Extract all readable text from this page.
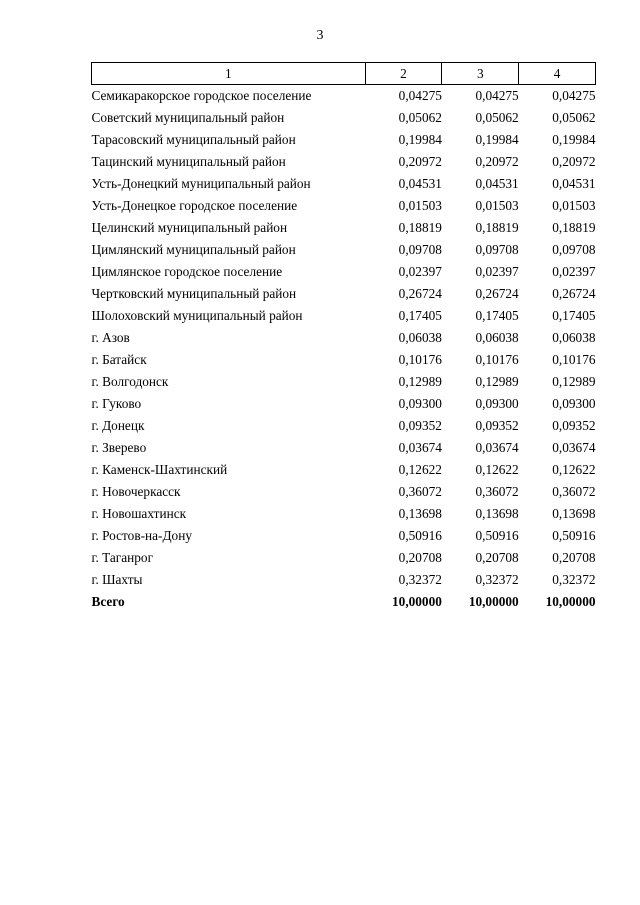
3
1	2	3	4
Семикаракорское городское поселение	0,04275	0,04275	0,04275
Советский муниципальный район	0,05062	0,05062	0,05062
Тарасовский муниципальный район	0,19984	0,19984	0,19984
Тацинский муниципальный район	0,20972	0,20972	0,20972
Усть-Донецкий муниципальный район	0,04531	0,04531	0,04531
Усть-Донецкое городское поселение	0,01503	0,01503	0,01503
Целинский муниципальный район	0,18819	0,18819	0,18819
Цимлянский муниципальный район	0,09708	0,09708	0,09708
Цимлянское городское поселение	0,02397	0,02397	0,02397
Чертковский муниципальный район	0,26724	0,26724	0,26724
Шолоховский муниципальный район	0,17405	0,17405	0,17405
г. Азов	0,06038	0,06038	0,06038
г. Батайск	0,10176	0,10176	0,10176
г. Волгодонск	0,12989	0,12989	0,12989
г. Гуково	0,09300	0,09300	0,09300
г. Донецк	0,09352	0,09352	0,09352
г. Зверево	0,03674	0,03674	0,03674
г. Каменск-Шахтинский	0,12622	0,12622	0,12622
г. Новочеркасск	0,36072	0,36072	0,36072
г. Новошахтинск	0,13698	0,13698	0,13698
г. Ростов-на-Дону	0,50916	0,50916	0,50916
г. Таганрог	0,20708	0,20708	0,20708
г. Шахты	0,32372	0,32372	0,32372
Всего	10,00000	10,00000	10,00000
